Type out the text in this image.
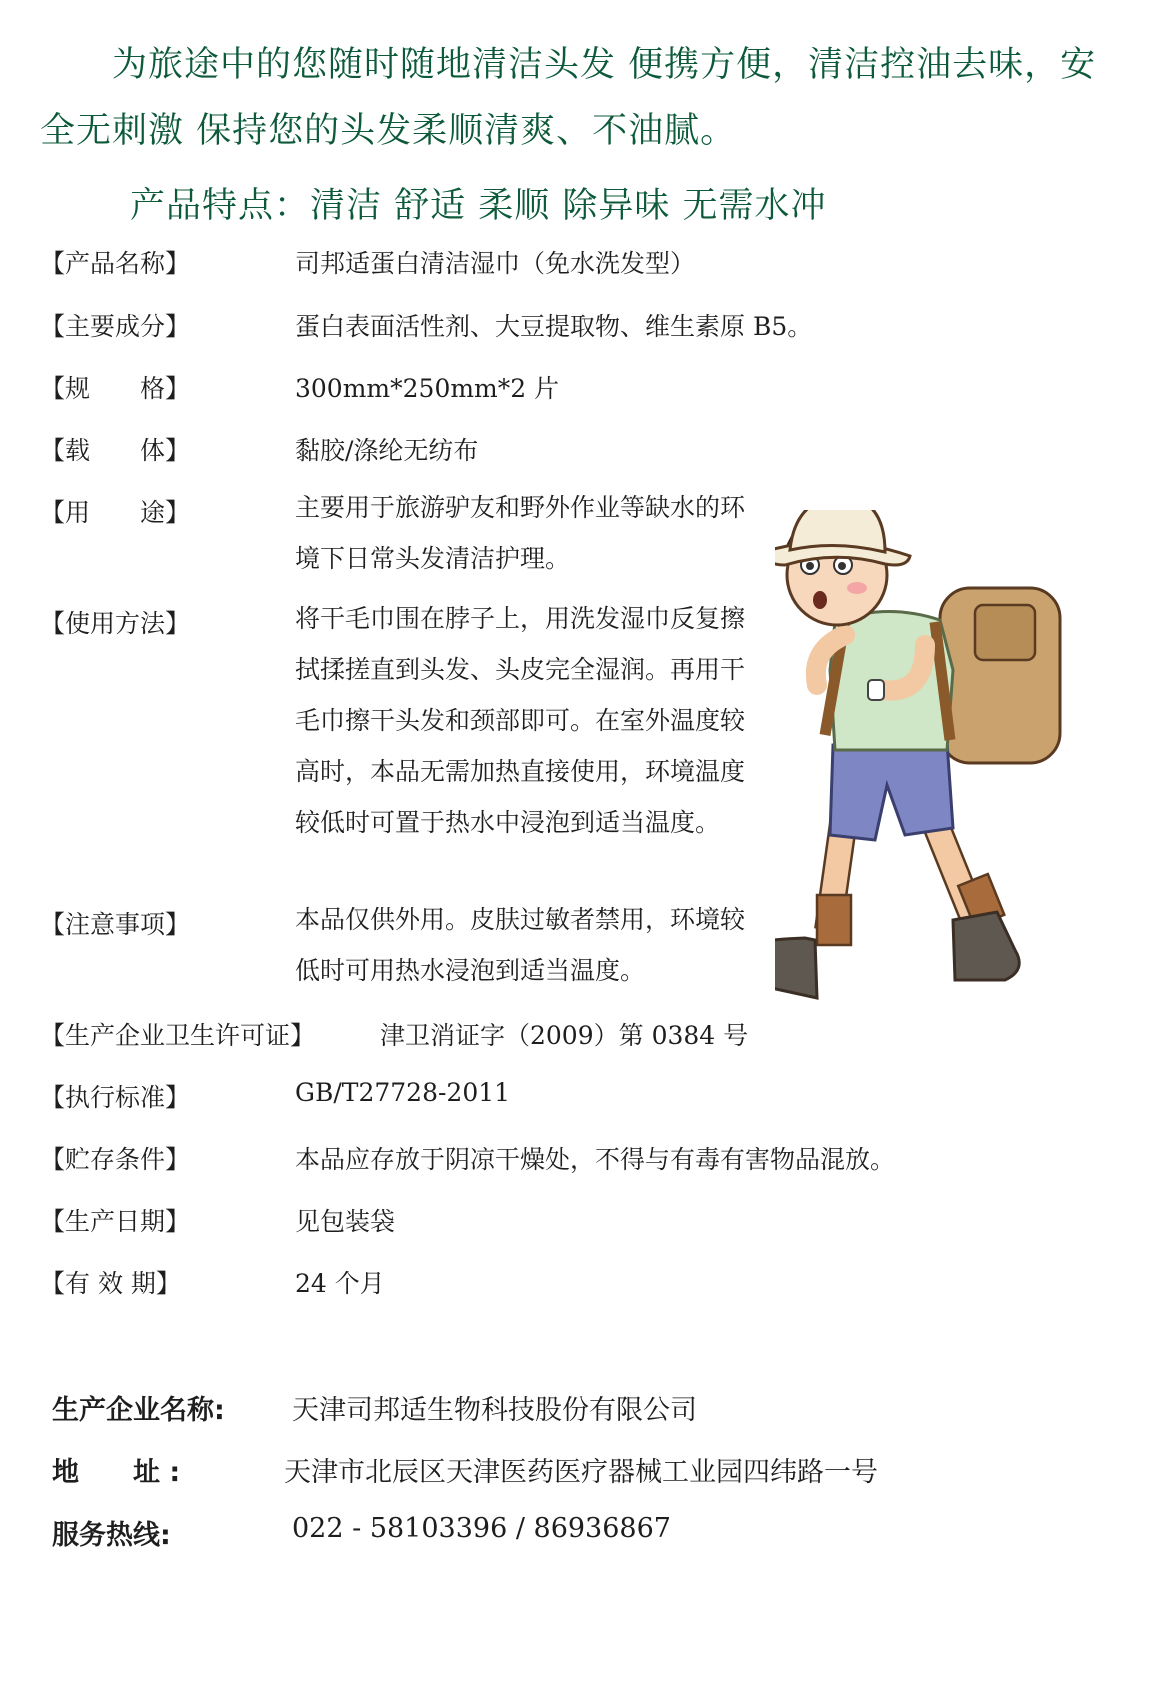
为旅途中的您随时随地清洁头发 便携方便，清洁控油去味，安全无刺激 保持您的头发柔顺清爽、不油腻。
产品特点：清洁 舒适 柔顺 除异味 无需水冲
【产品名称】	司邦适蛋白清洁湿巾（免水洗发型）
【主要成分】	蛋白表面活性剂、大豆提取物、维生素原 B5。
【规　　格】	300mm*250mm*2 片
【载　　体】	黏胶/涤纶无纺布
【用　　途】	主要用于旅游驴友和野外作业等缺水的环境下日常头发清洁护理。
【使用方法】	将干毛巾围在脖子上，用洗发湿巾反复擦拭揉搓直到头发、头皮完全湿润。再用干毛巾擦干头发和颈部即可。在室外温度较高时，本品无需加热直接使用，环境温度较低时可置于热水中浸泡到适当温度。
【注意事项】	本品仅供外用。皮肤过敏者禁用，环境较低时可用热水浸泡到适当温度。
【生产企业卫生许可证】	津卫消证字（2009）第 0384 号
【执行标准】	GB/T27728-2011
【贮存条件】	本品应存放于阴凉干燥处，不得与有毒有害物品混放。
【生产日期】	见包装袋
【有 效 期】	24 个月
生产企业名称: 天津司邦适生物科技股份有限公司
地　　址 :	天津市北辰区天津医药医疗器械工业园四纬路一号
服务热线:	022 - 58103396 / 86936867
